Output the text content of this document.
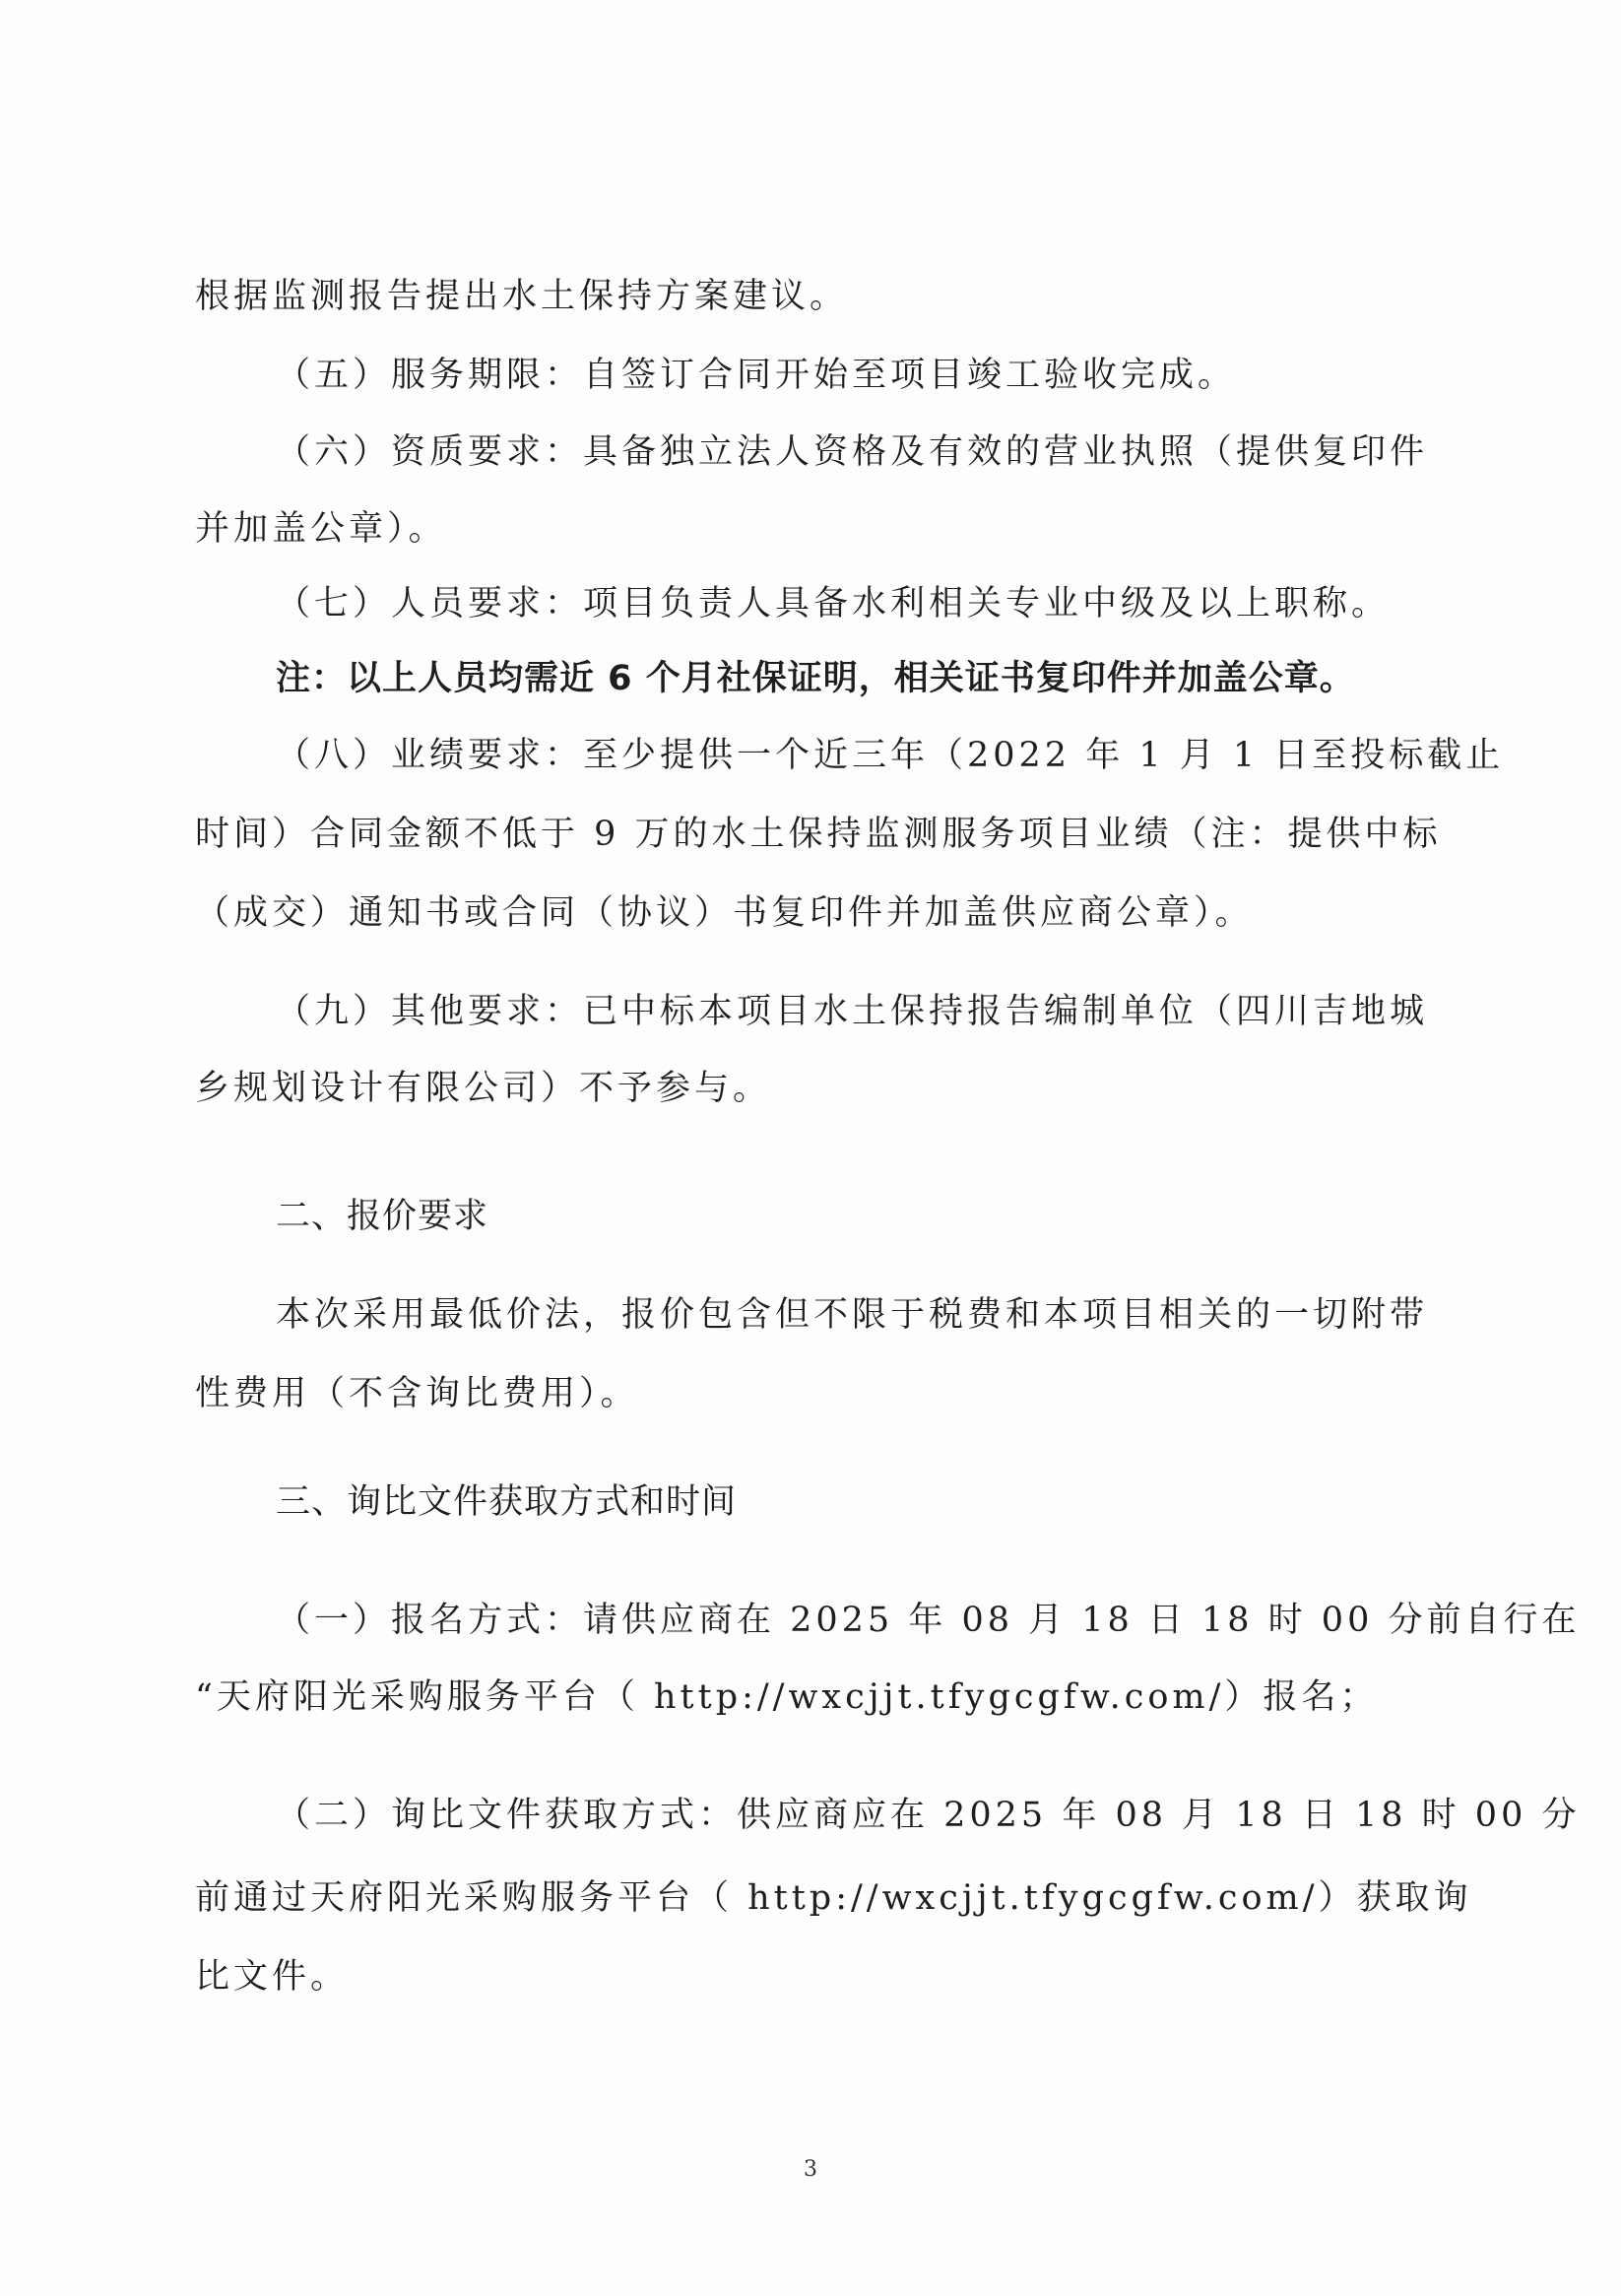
根据监测报告提出水土保持方案建议。
（五）服务期限：自签订合同开始至项目竣工验收完成。
（六）资质要求：具备独立法人资格及有效的营业执照（提供复印件
并加盖公章）。
（七）人员要求：项目负责人具备水利相关专业中级及以上职称。
注：以上人员均需近 6 个月社保证明，相关证书复印件并加盖公章。
（八）业绩要求：至少提供一个近三年（2022 年 1 月 1 日至投标截止
时间）合同金额不低于 9 万的水土保持监测服务项目业绩（注：提供中标
（成交）通知书或合同（协议）书复印件并加盖供应商公章）。
（九）其他要求：已中标本项目水土保持报告编制单位（四川吉地城
乡规划设计有限公司）不予参与。
二、报价要求
本次采用最低价法，报价包含但不限于税费和本项目相关的一切附带
性费用（不含询比费用）。
三、询比文件获取方式和时间
（一）报名方式：请供应商在 2025 年 08 月 18 日 18 时 00 分前自行在
“天府阳光采购服务平台（ http://wxcjjt.tfygcgfw.com/）报名；
（二）询比文件获取方式：供应商应在 2025 年 08 月 18 日 18 时 00 分
前通过天府阳光采购服务平台（ http://wxcjjt.tfygcgfw.com/）获取询
比文件。
3
